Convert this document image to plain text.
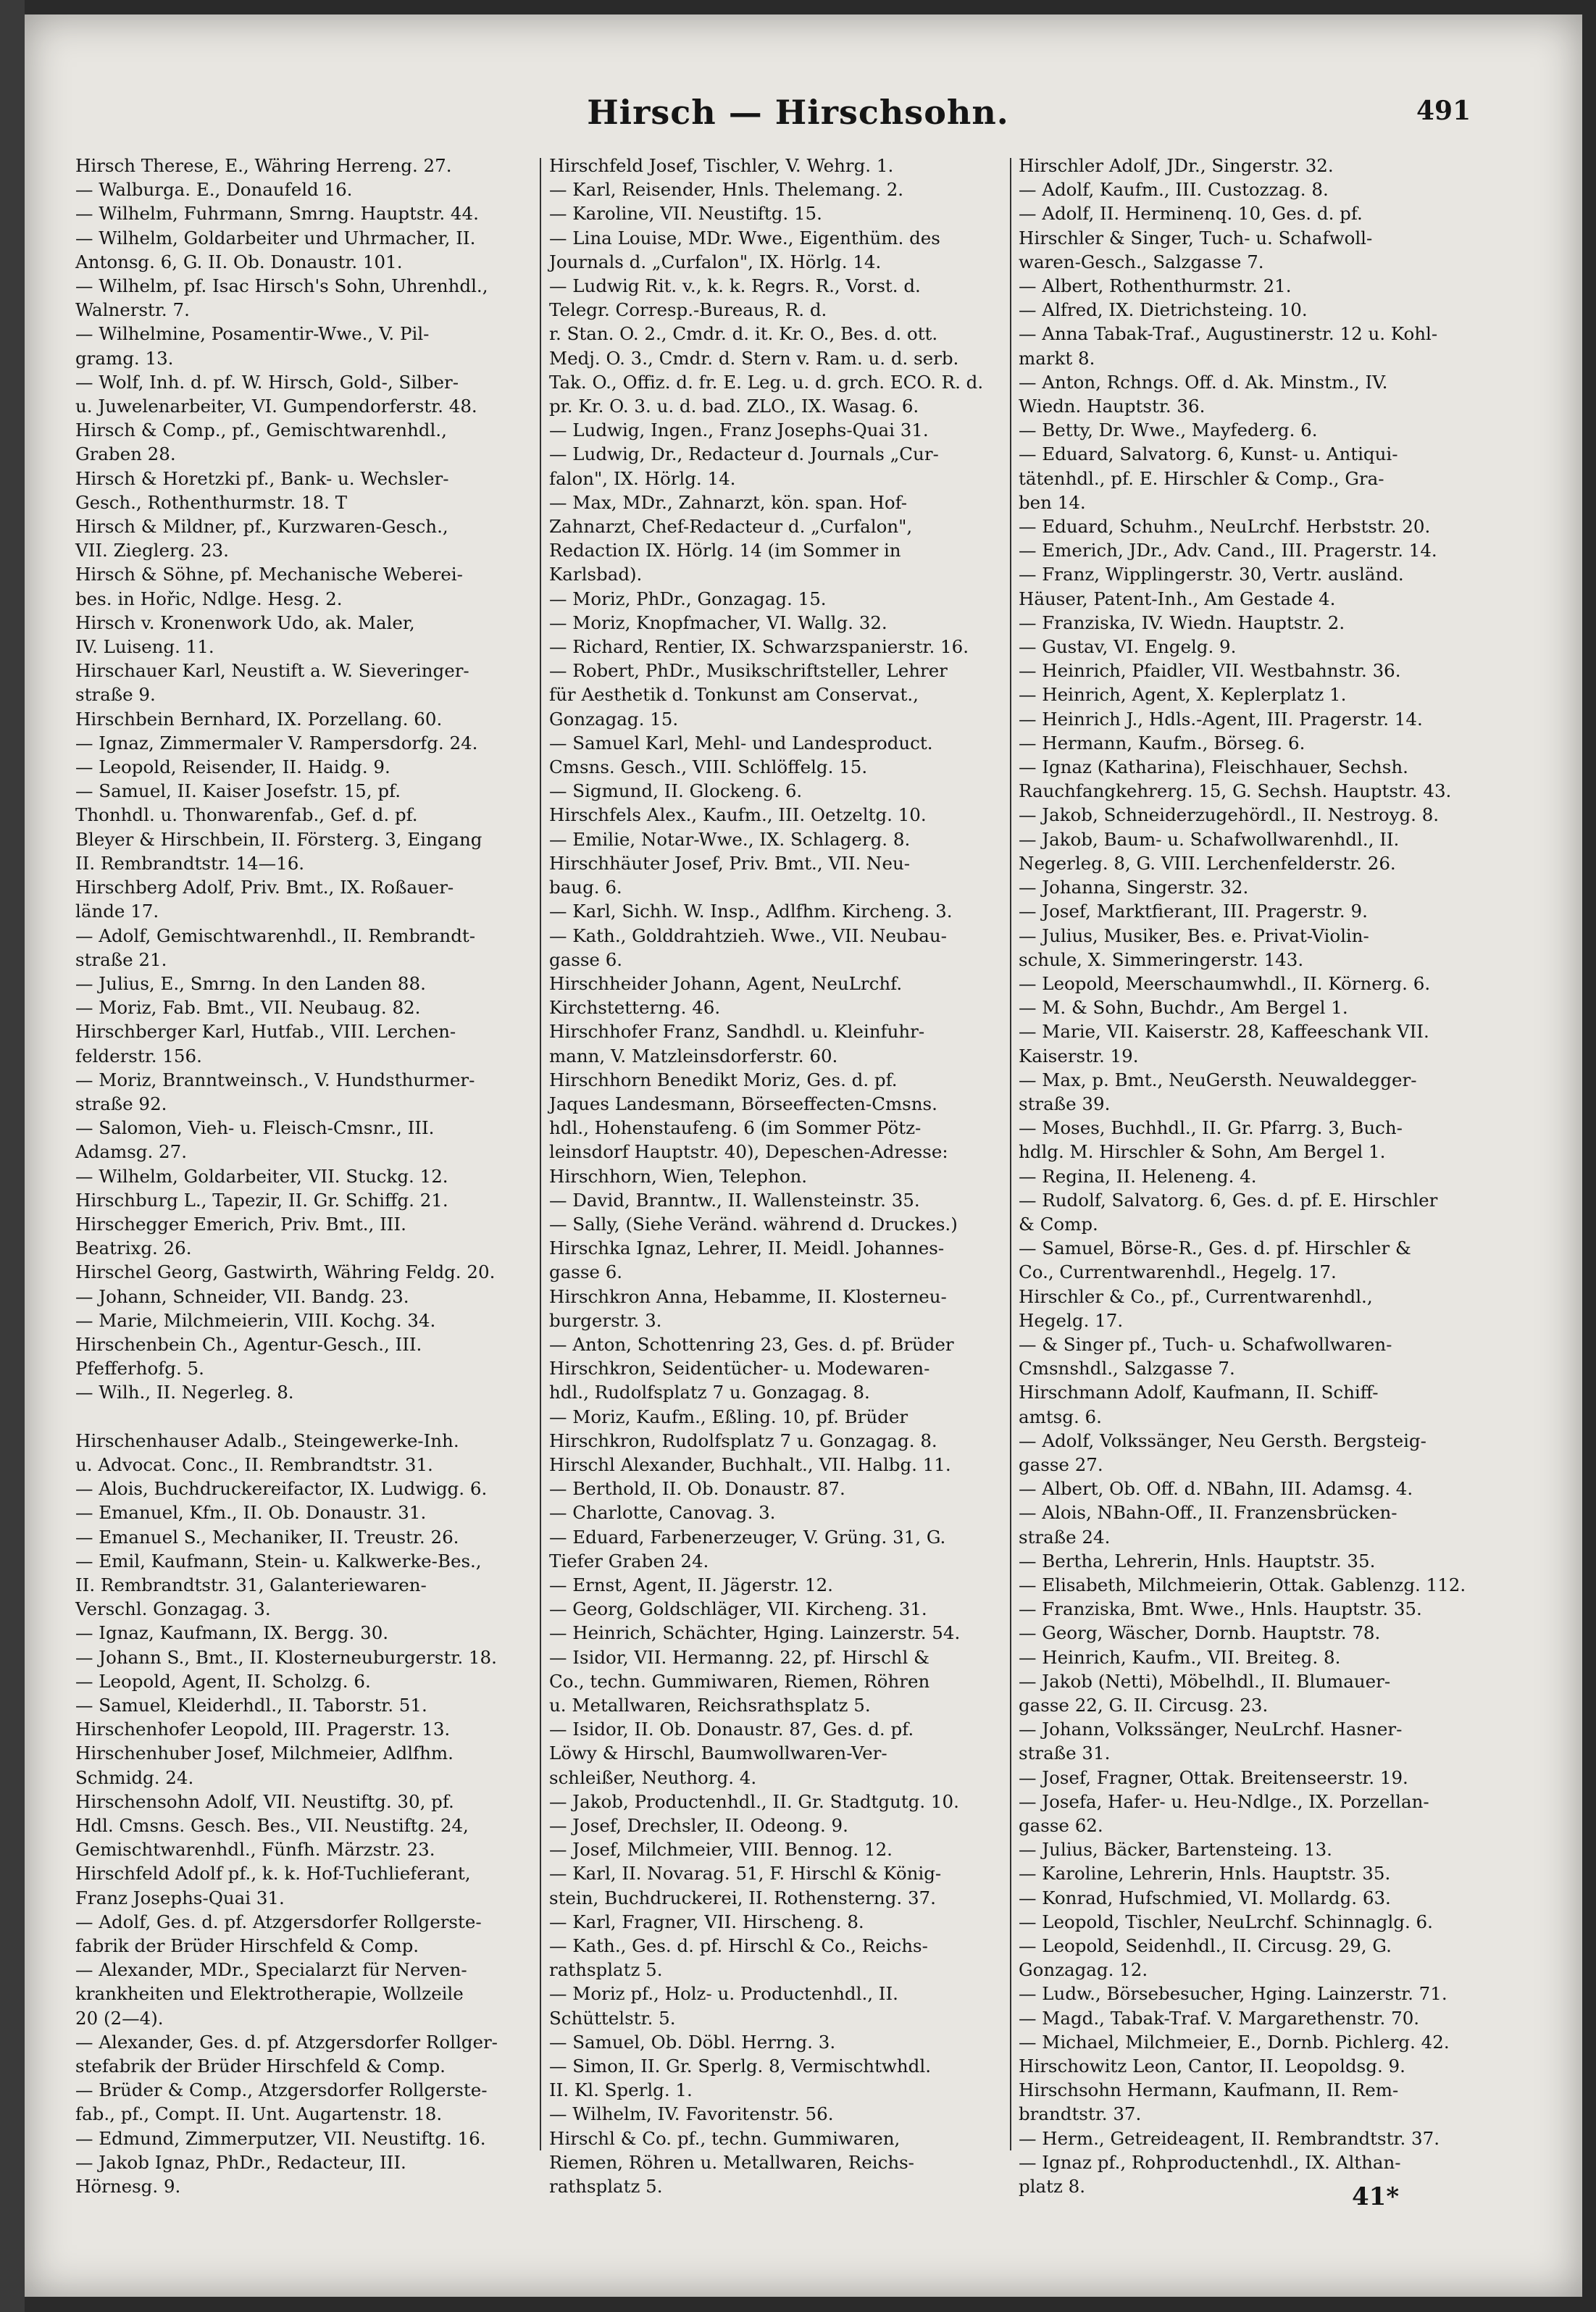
Hirsch — Hirschsohn.	491
Hirsch Therese, E., Währing Herreng. 27.
— Walburga. E., Donaufeld 16.
— Wilhelm, Fuhrmann, Smrng. Hauptstr. 44.
— Wilhelm, Goldarbeiter und Uhrmacher, II.
Antonsg. 6, G. II. Ob. Donaustr. 101.
— Wilhelm, pf. Isac Hirsch's Sohn, Uhrenhdl.,
Walnerstr. 7.
— Wilhelmine, Posamentir-Wwe., V. Pil-
gramg. 13.
— Wolf, Inh. d. pf. W. Hirsch, Gold-, Silber-
u. Juwelenarbeiter, VI. Gumpendorferstr. 48.
Hirsch & Comp., pf., Gemischtwarenhdl.,
Graben 28.
Hirsch & Horetzki pf., Bank- u. Wechsler-
Gesch., Rothenthurmstr. 18. T
Hirsch & Mildner, pf., Kurzwaren-Gesch.,
VII. Zieglerg. 23.
Hirsch & Söhne, pf. Mechanische Weberei-
bes. in Hořic, Ndlge. Hesg. 2.
Hirsch v. Kronenwork Udo, ak. Maler,
IV. Luiseng. 11.
Hirschauer Karl, Neustift a. W. Sieveringer-
straße 9.
Hirschbein Bernhard, IX. Porzellang. 60.
— Ignaz, Zimmermaler V. Rampersdorfg. 24.
— Leopold, Reisender, II. Haidg. 9.
— Samuel, II. Kaiser Josefstr. 15, pf.
Thonhdl. u. Thonwarenfab., Gef. d. pf.
Bleyer & Hirschbein, II. Försterg. 3, Eingang
II. Rembrandtstr. 14—16.
Hirschberg Adolf, Priv. Bmt., IX. Roßauer-
lände 17.
— Adolf, Gemischtwarenhdl., II. Rembrandt-
straße 21.
— Julius, E., Smrng. In den Landen 88.
— Moriz, Fab. Bmt., VII. Neubaug. 82.
Hirschberger Karl, Hutfab., VIII. Lerchen-
felderstr. 156.
— Moriz, Branntweinsch., V. Hundsthurmer-
straße 92.
— Salomon, Vieh- u. Fleisch-Cmsnr., III.
Adamsg. 27.
— Wilhelm, Goldarbeiter, VII. Stuckg. 12.
Hirschburg L., Tapezir, II. Gr. Schiffg. 21.
Hirschegger Emerich, Priv. Bmt., III.
Beatrixg. 26.
Hirschel Georg, Gastwirth, Währing Feldg. 20.
— Johann, Schneider, VII. Bandg. 23.
— Marie, Milchmeierin, VIII. Kochg. 34.
Hirschenbein Ch., Agentur-Gesch., III.
Pfefferhofg. 5.
— Wilh., II. Negerleg. 8.

Hirschenhauser Adalb., Steingewerke-Inh.
u. Advocat. Conc., II. Rembrandtstr. 31.
— Alois, Buchdruckereifactor, IX. Ludwigg. 6.
— Emanuel, Kfm., II. Ob. Donaustr. 31.
— Emanuel S., Mechaniker, II. Treustr. 26.
— Emil, Kaufmann, Stein- u. Kalkwerke-Bes.,
II. Rembrandtstr. 31, Galanteriewaren-
Verschl. Gonzagag. 3.
— Ignaz, Kaufmann, IX. Bergg. 30.
— Johann S., Bmt., II. Klosterneuburgerstr. 18.
— Leopold, Agent, II. Scholzg. 6.
— Samuel, Kleiderhdl., II. Taborstr. 51.
Hirschenhofer Leopold, III. Pragerstr. 13.
Hirschenhuber Josef, Milchmeier, Adlfhm.
Schmidg. 24.
Hirschensohn Adolf, VII. Neustiftg. 30, pf.
Hdl. Cmsns. Gesch. Bes., VII. Neustiftg. 24,
Gemischtwarenhdl., Fünfh. Märzstr. 23.
Hirschfeld Adolf pf., k. k. Hof-Tuchlieferant,
Franz Josephs-Quai 31.
— Adolf, Ges. d. pf. Atzgersdorfer Rollgerste-
fabrik der Brüder Hirschfeld & Comp.
— Alexander, MDr., Specialarzt für Nerven-
krankheiten und Elektrotherapie, Wollzeile
20 (2—4).
— Alexander, Ges. d. pf. Atzgersdorfer Rollger-
stefabrik der Brüder Hirschfeld & Comp.
— Brüder & Comp., Atzgersdorfer Rollgerste-
fab., pf., Compt. II. Unt. Augartenstr. 18.
— Edmund, Zimmerputzer, VII. Neustiftg. 16.
— Jakob Ignaz, PhDr., Redacteur, III.
Hörnesg. 9.
Hirschfeld Josef, Tischler, V. Wehrg. 1.
— Karl, Reisender, Hnls. Thelemang. 2.
— Karoline, VII. Neustiftg. 15.
— Lina Louise, MDr. Wwe., Eigenthüm. des
Journals d. „Curfalon", IX. Hörlg. 14.
— Ludwig Rit. v., k. k. Regrs. R., Vorst. d.
Telegr. Corresp.-Bureaus, R. d.
r. Stan. O. 2., Cmdr. d. it. Kr. O., Bes. d. ott.
Medj. O. 3., Cmdr. d. Stern v. Ram. u. d. serb.
Tak. O., Offiz. d. fr. E. Leg. u. d. grch. ECO. R. d.
pr. Kr. O. 3. u. d. bad. ZLO., IX. Wasag. 6.
— Ludwig, Ingen., Franz Josephs-Quai 31.
— Ludwig, Dr., Redacteur d. Journals „Cur-
falon", IX. Hörlg. 14.
— Max, MDr., Zahnarzt, kön. span. Hof-
Zahnarzt, Chef-Redacteur d. „Curfalon",
Redaction IX. Hörlg. 14 (im Sommer in
Karlsbad).
— Moriz, PhDr., Gonzagag. 15.
— Moriz, Knopfmacher, VI. Wallg. 32.
— Richard, Rentier, IX. Schwarzspanierstr. 16.
— Robert, PhDr., Musikschriftsteller, Lehrer
für Aesthetik d. Tonkunst am Conservat.,
Gonzagag. 15.
— Samuel Karl, Mehl- und Landesproduct.
Cmsns. Gesch., VIII. Schlöffelg. 15.
— Sigmund, II. Glockeng. 6.
Hirschfels Alex., Kaufm., III. Oetzeltg. 10.
— Emilie, Notar-Wwe., IX. Schlagerg. 8.
Hirschhäuter Josef, Priv. Bmt., VII. Neu-
baug. 6.
— Karl, Sichh. W. Insp., Adlfhm. Kircheng. 3.
— Kath., Golddrahtzieh. Wwe., VII. Neubau-
gasse 6.
Hirschheider Johann, Agent, NeuLrchf.
Kirchstetterng. 46.
Hirschhofer Franz, Sandhdl. u. Kleinfuhr-
mann, V. Matzleinsdorferstr. 60.
Hirschhorn Benedikt Moriz, Ges. d. pf.
Jaques Landesmann, Börseeffecten-Cmsns.
hdl., Hohenstaufeng. 6 (im Sommer Pötz-
leinsdorf Hauptstr. 40), Depeschen-Adresse:
Hirschhorn, Wien, Telephon.
— David, Branntw., II. Wallensteinstr. 35.
— Sally, (Siehe Veränd. während d. Druckes.)
Hirschka Ignaz, Lehrer, II. Meidl. Johannes-
gasse 6.
Hirschkron Anna, Hebamme, II. Klosterneu-
burgerstr. 3.
— Anton, Schottenring 23, Ges. d. pf. Brüder
Hirschkron, Seidentücher- u. Modewaren-
hdl., Rudolfsplatz 7 u. Gonzagag. 8.
— Moriz, Kaufm., Eßling. 10, pf. Brüder
Hirschkron, Rudolfsplatz 7 u. Gonzagag. 8.
Hirschl Alexander, Buchhalt., VII. Halbg. 11.
— Berthold, II. Ob. Donaustr. 87.
— Charlotte, Canovag. 3.
— Eduard, Farbenerzeuger, V. Grüng. 31, G.
Tiefer Graben 24.
— Ernst, Agent, II. Jägerstr. 12.
— Georg, Goldschläger, VII. Kircheng. 31.
— Heinrich, Schächter, Hging. Lainzerstr. 54.
— Isidor, VII. Hermanng. 22, pf. Hirschl &
Co., techn. Gummiwaren, Riemen, Röhren
u. Metallwaren, Reichsrathsplatz 5.
— Isidor, II. Ob. Donaustr. 87, Ges. d. pf.
Löwy & Hirschl, Baumwollwaren-Ver-
schleißer, Neuthorg. 4.
— Jakob, Productenhdl., II. Gr. Stadtgutg. 10.
— Josef, Drechsler, II. Odeong. 9.
— Josef, Milchmeier, VIII. Bennog. 12.
— Karl, II. Novarag. 51, F. Hirschl & König-
stein, Buchdruckerei, II. Rothensterng. 37.
— Karl, Fragner, VII. Hirscheng. 8.
— Kath., Ges. d. pf. Hirschl & Co., Reichs-
rathsplatz 5.
— Moriz pf., Holz- u. Productenhdl., II.
Schüttelstr. 5.
— Samuel, Ob. Döbl. Herrng. 3.
— Simon, II. Gr. Sperlg. 8, Vermischtwhdl.
II. Kl. Sperlg. 1.
— Wilhelm, IV. Favoritenstr. 56.
Hirschl & Co. pf., techn. Gummiwaren,
Riemen, Röhren u. Metallwaren, Reichs-
rathsplatz 5.
Hirschler Adolf, JDr., Singerstr. 32.
— Adolf, Kaufm., III. Custozzag. 8.
— Adolf, II. Herminenq. 10, Ges. d. pf.
Hirschler & Singer, Tuch- u. Schafwoll-
waren-Gesch., Salzgasse 7.
— Albert, Rothenthurmstr. 21.
— Alfred, IX. Dietrichsteing. 10.
— Anna Tabak-Traf., Augustinerstr. 12 u. Kohl-
markt 8.
— Anton, Rchngs. Off. d. Ak. Minstm., IV.
Wiedn. Hauptstr. 36.
— Betty, Dr. Wwe., Mayfederg. 6.
— Eduard, Salvatorg. 6, Kunst- u. Antiqui-
tätenhdl., pf. E. Hirschler & Comp., Gra-
ben 14.
— Eduard, Schuhm., NeuLrchf. Herbststr. 20.
— Emerich, JDr., Adv. Cand., III. Pragerstr. 14.
— Franz, Wipplingerstr. 30, Vertr. ausländ.
Häuser, Patent-Inh., Am Gestade 4.
— Franziska, IV. Wiedn. Hauptstr. 2.
— Gustav, VI. Engelg. 9.
— Heinrich, Pfaidler, VII. Westbahnstr. 36.
— Heinrich, Agent, X. Keplerplatz 1.
— Heinrich J., Hdls.-Agent, III. Pragerstr. 14.
— Hermann, Kaufm., Börseg. 6.
— Ignaz (Katharina), Fleischhauer, Sechsh.
Rauchfangkehrerg. 15, G. Sechsh. Hauptstr. 43.
— Jakob, Schneiderzugehördl., II. Nestroyg. 8.
— Jakob, Baum- u. Schafwollwarenhdl., II.
Negerleg. 8, G. VIII. Lerchenfelderstr. 26.
— Johanna, Singerstr. 32.
— Josef, Marktfierant, III. Pragerstr. 9.
— Julius, Musiker, Bes. e. Privat-Violin-
schule, X. Simmeringerstr. 143.
— Leopold, Meerschaumwhdl., II. Körnerg. 6.
— M. & Sohn, Buchdr., Am Bergel 1.
— Marie, VII. Kaiserstr. 28, Kaffeeschank VII.
Kaiserstr. 19.
— Max, p. Bmt., NeuGersth. Neuwaldegger-
straße 39.
— Moses, Buchhdl., II. Gr. Pfarrg. 3, Buch-
hdlg. M. Hirschler & Sohn, Am Bergel 1.
— Regina, II. Heleneng. 4.
— Rudolf, Salvatorg. 6, Ges. d. pf. E. Hirschler
& Comp.
— Samuel, Börse-R., Ges. d. pf. Hirschler &
Co., Currentwarenhdl., Hegelg. 17.
Hirschler & Co., pf., Currentwarenhdl.,
Hegelg. 17.
— & Singer pf., Tuch- u. Schafwollwaren-
Cmsnshdl., Salzgasse 7.
Hirschmann Adolf, Kaufmann, II. Schiff-
amtsg. 6.
— Adolf, Volkssänger, Neu Gersth. Bergsteig-
gasse 27.
— Albert, Ob. Off. d. NBahn, III. Adamsg. 4.
— Alois, NBahn-Off., II. Franzensbrücken-
straße 24.
— Bertha, Lehrerin, Hnls. Hauptstr. 35.
— Elisabeth, Milchmeierin, Ottak. Gablenzg. 112.
— Franziska, Bmt. Wwe., Hnls. Hauptstr. 35.
— Georg, Wäscher, Dornb. Hauptstr. 78.
— Heinrich, Kaufm., VII. Breiteg. 8.
— Jakob (Netti), Möbelhdl., II. Blumauer-
gasse 22, G. II. Circusg. 23.
— Johann, Volkssänger, NeuLrchf. Hasner-
straße 31.
— Josef, Fragner, Ottak. Breitenseerstr. 19.
— Josefa, Hafer- u. Heu-Ndlge., IX. Porzellan-
gasse 62.
— Julius, Bäcker, Bartensteing. 13.
— Karoline, Lehrerin, Hnls. Hauptstr. 35.
— Konrad, Hufschmied, VI. Mollardg. 63.
— Leopold, Tischler, NeuLrchf. Schinnaglg. 6.
— Leopold, Seidenhdl., II. Circusg. 29, G.
Gonzagag. 12.
— Ludw., Börsebesucher, Hging. Lainzerstr. 71.
— Magd., Tabak-Traf. V. Margarethenstr. 70.
— Michael, Milchmeier, E., Dornb. Pichlerg. 42.
Hirschowitz Leon, Cantor, II. Leopoldsg. 9.
Hirschsohn Hermann, Kaufmann, II. Rem-
brandtstr. 37.
— Herm., Getreideagent, II. Rembrandtstr. 37.
— Ignaz pf., Rohproductenhdl., IX. Althan-
platz 8.	41*
